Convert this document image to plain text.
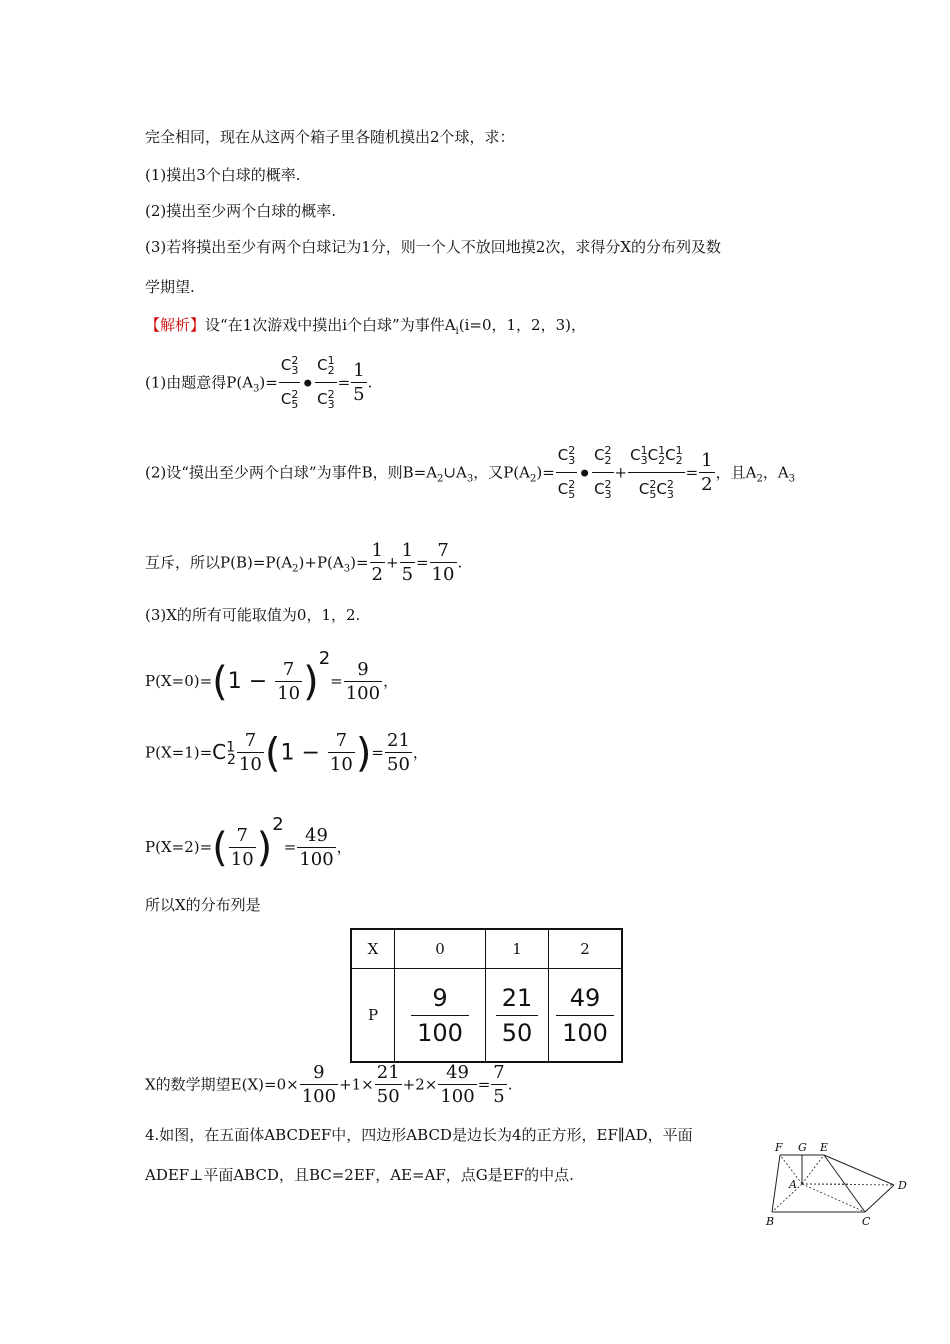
完全相同，现在从这两个箱子里各随机摸出2个球，求：
(1)摸出3个白球的概率.
(2)摸出至少两个白球的概率.
(3)若将摸出至少有两个白球记为1分，则一个人不放回地摸2次，求得分X的分布列及数
学期望.
【解析】设“在1次游戏中摸出i个白球”为事件$A_i(i=0$，1，2，3)，
(1)由题意得$P(A_3)= \frac{C^2_3}{C^2_5}$ • $\frac{C^1_2}{C^2_3} = \frac{1}{5}$ .
(2)设“摸出至少两个白球”为事件B，则$B=A_2\cup A_3$，又$P(A_2)= \frac{C^2_3}{C^2_5}$ • $\frac{C^2_2}{C^2_3} + \frac{C^1_3C^1_2C^1_2}{C^2_5C^2_3} = \frac{1}{2}$ ，且$A_2$，$A_3$
互斥，所以$P(B)=P(A_2)+P(A_3)= \frac{1}{2} + \frac{1}{5} = \frac{7}{10}$ .
(3)X的所有可能取值为0，1，2.
$P(X=0)=(1 - \frac{7}{10} )2= \frac{9}{100}$ ，
$P(X=1)=C^1_2 \frac{7}{10} (1 - \frac{7}{10}$ )= $\frac{21}{50}$ ，
$P(X=2)=( \frac{7}{10} )2= \frac{49}{100}$ ，
所以X的分布列是
X	0	1	2
P	$\frac{9}{100}$	$\frac{21}{50}$	$\frac{49}{100}$
X的数学期望$E(X)=0\times \frac{9}{100} +1\times \frac{21}{50} +2\times \frac{49}{100} = \frac{7}{5}$ .
4.如图，在五面体ABCDEF中，四边形ABCD是边长为4的正方形，EF∥AD，平面
ADEF⊥平面ABCD，且BC=2EF，AE=AF，点G是EF的中点.
F G E
A	D
B	C
